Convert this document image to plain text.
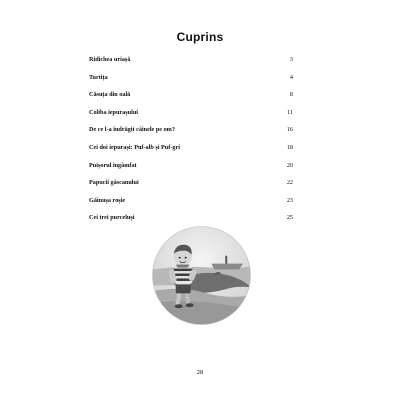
Cuprins
Ridichea uriașă	3
Turtița	4
Căsuța din oală	8
Coliba iepurașului	11
De ce l-a îndrăgit câinele pe om?	16
Cei doi iepurași: Puf-alb și Puf-gri	18
Puișorul îngâmfat	20
Papucii gâscanului	22
Găinușa roșie	23
Cei trei purceluși	25
28
